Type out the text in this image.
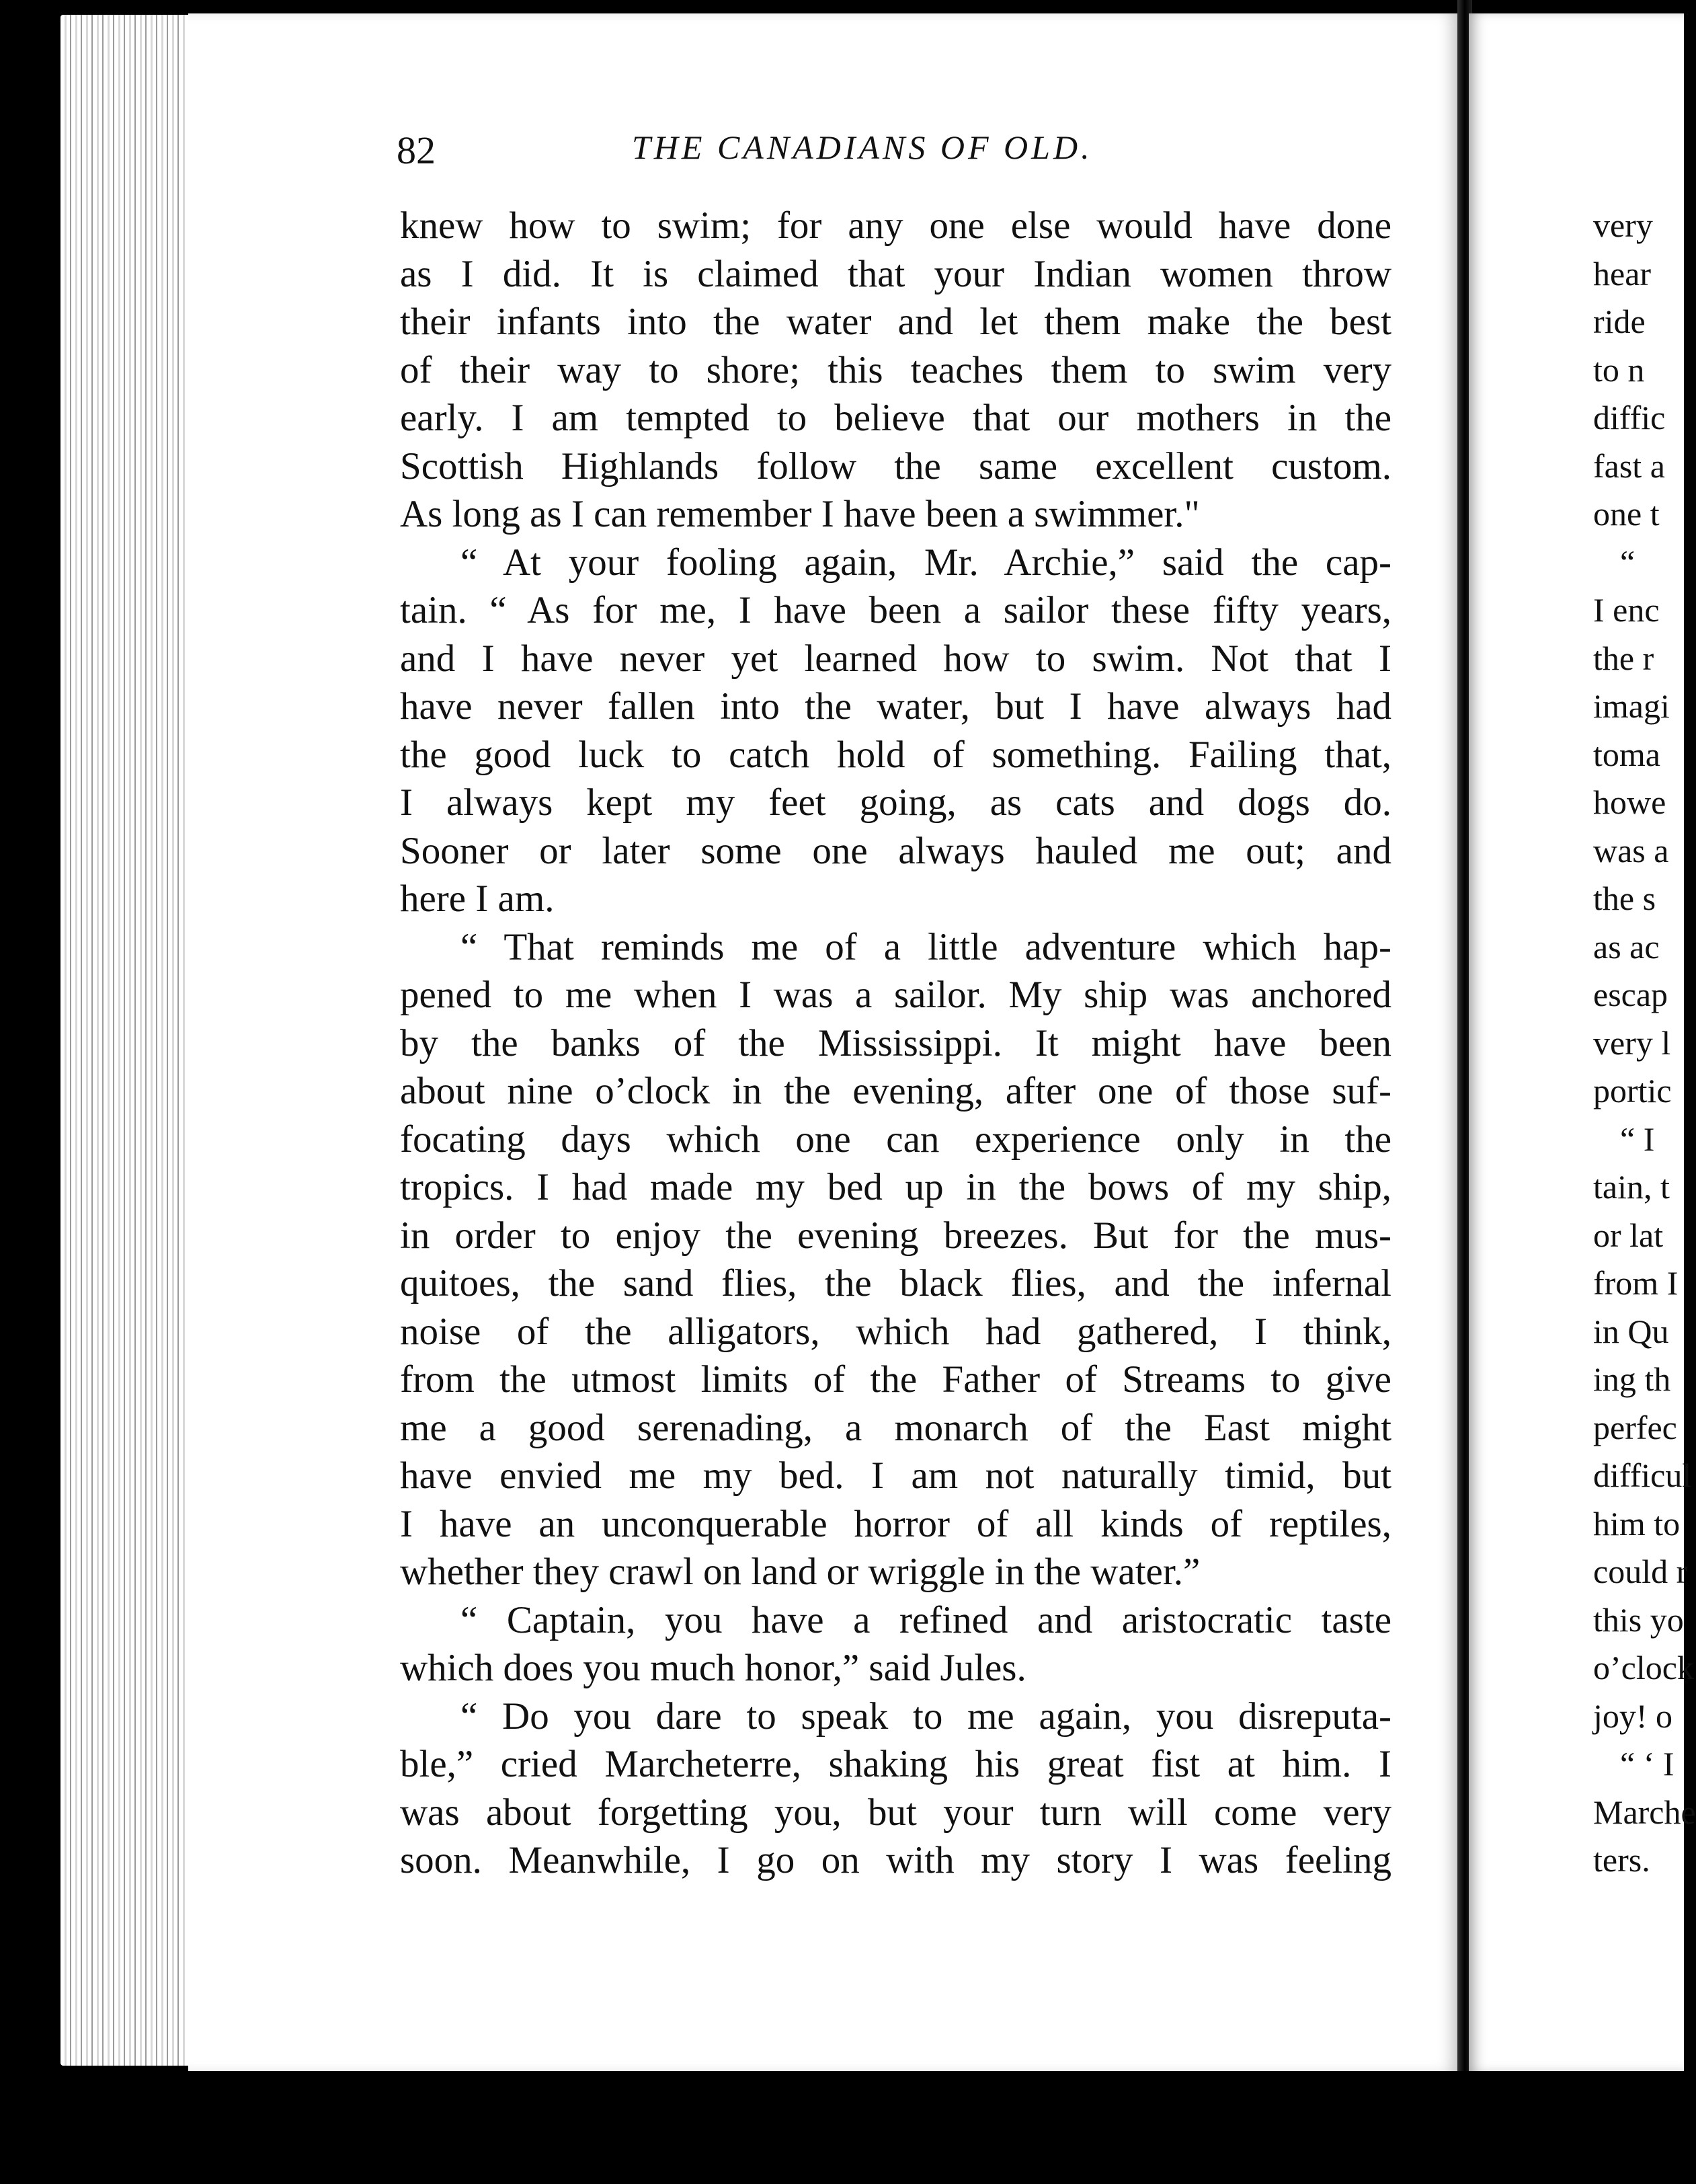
82	THE CANADIANS OF OLD.
knew how to swim; for any one else would have done
as I did. It is claimed that your Indian women throw
their infants into the water and let them make the best
of their way to shore; this teaches them to swim very
early. I am tempted to believe that our mothers in the
Scottish Highlands follow the same excellent custom.
As long as I can remember I have been a swimmer."
“ At your fooling again, Mr. Archie,” said the cap-
tain. “ As for me, I have been a sailor these fifty years,
and I have never yet learned how to swim. Not that I
have never fallen into the water, but I have always had
the good luck to catch hold of something. Failing that,
I always kept my feet going, as cats and dogs do.
Sooner or later some one always hauled me out; and
here I am.
“ That reminds me of a little adventure which hap-
pened to me when I was a sailor. My ship was anchored
by the banks of the Mississippi. It might have been
about nine o’clock in the evening, after one of those suf-
focating days which one can experience only in the
tropics. I had made my bed up in the bows of my ship,
in order to enjoy the evening breezes. But for the mus-
quitoes, the sand flies, the black flies, and the infernal
noise of the alligators, which had gathered, I think,
from the utmost limits of the Father of Streams to give
me a good serenading, a monarch of the East might
have envied me my bed. I am not naturally timid, but
I have an unconquerable horror of all kinds of reptiles,
whether they crawl on land or wriggle in the water.”
“ Captain, you have a refined and aristocratic taste
which does you much honor,” said Jules.
“ Do you dare to speak to me again, you disreputa-
ble,” cried Marcheterre, shaking his great fist at him. I
was about forgetting you, but your turn will come very
soon. Meanwhile, I go on with my story I was feeling
very
hear
ride
to n
diffic
fast a
one t
“
I enc
the r
imagi
toma
howe
was a
the s
as ac
escap
very l
portic
“ I
tain, t
or lat
from I
in Qu
ing th
perfec
difficul
him to
could r
this yo
o’clock
joy! o
“ ‘ I
Marche
ters.
